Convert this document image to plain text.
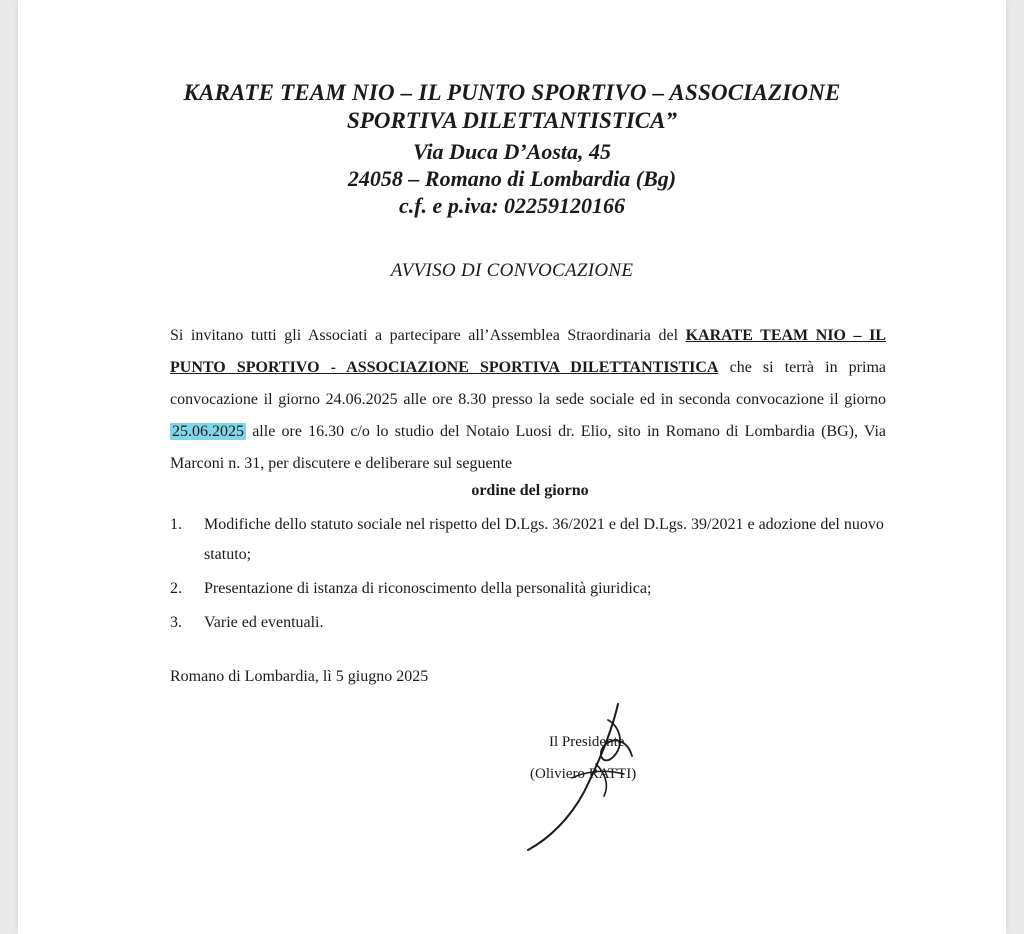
KARATE TEAM NIO – IL PUNTO SPORTIVO – ASSOCIAZIONE
SPORTIVA DILETTANTISTICA”
Via Duca D’Aosta, 45
24058 – Romano di Lombardia (Bg)
c.f. e p.iva: 02259120166
AVVISO DI CONVOCAZIONE

Si invitano tutti gli Associati a partecipare all’Assemblea Straordinaria del KARATE TEAM NIO – IL PUNTO SPORTIVO - ASSOCIAZIONE SPORTIVA DILETTANTISTICA che si terrà in prima convocazione il giorno 24.06.2025 alle ore 8.30 presso la sede sociale ed in seconda convocazione il giorno 25.06.2025 alle ore 16.30 c/o lo studio del Notaio Luosi dr. Elio, sito in Romano di Lombardia (BG), Via Marconi n. 31, per discutere e deliberare sul seguente

ordine del giorno
1.	Modifiche dello statuto sociale nel rispetto del D.Lgs. 36/2021 e del D.Lgs. 39/2021 e adozione del nuovo statuto;
2.	Presentazione di istanza di riconoscimento della personalità giuridica;
3.	Varie ed eventuali.
Romano di Lombardia, lì 5 giugno 2025
Il Presidente
(Oliviero RATTI)
